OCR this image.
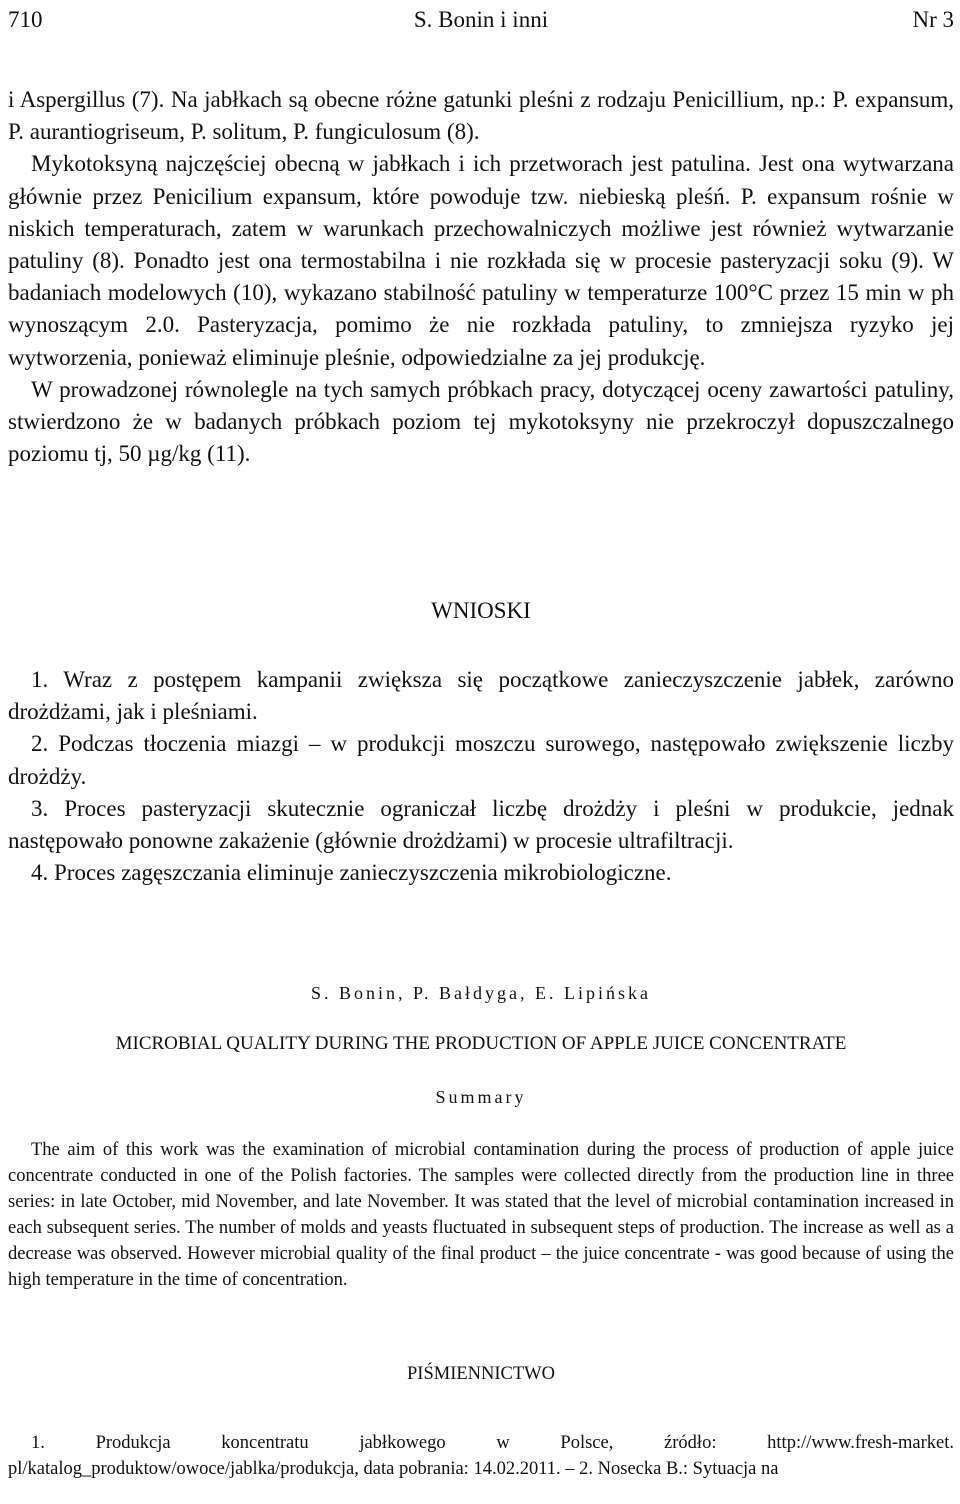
710	S. Bonin i inni	Nr 3

i Aspergillus (7). Na jabłkach są obecne różne gatunki pleśni z rodzaju Penicillium, np.: P. expansum, P. aurantiogriseum, P. solitum, P. fungiculosum (8).

Mykotoksyną najczęściej obecną w jabłkach i ich przetworach jest patulina. Jest ona wytwarzana głównie przez Penicilium expansum, które powoduje tzw. niebieską pleśń. P. expansum rośnie w niskich temperaturach, zatem w warunkach przechowalniczych możliwe jest również wytwarzanie patuliny (8). Ponadto jest ona termostabilna i nie rozkłada się w procesie pasteryzacji soku (9). W badaniach modelowych (10), wykazano stabilność patuliny w temperaturze 100°C przez 15 min w ph wynoszącym 2.0. Pasteryzacja, pomimo że nie rozkłada patuliny, to zmniejsza ryzyko jej wytworzenia, ponieważ eliminuje pleśnie, odpowiedzialne za jej produkcję.

W prowadzonej równolegle na tych samych próbkach pracy, dotyczącej oceny zawartości patuliny, stwierdzono że w badanych próbkach poziom tej mykotoksyny nie przekroczył dopuszczalnego poziomu tj, 50 µg/kg (11).

WNIOSKI

1. Wraz z postępem kampanii zwiększa się początkowe zanieczyszczenie jabłek, zarówno drożdżami, jak i pleśniami.

2. Podczas tłoczenia miazgi – w produkcji moszczu surowego, następowało zwiększenie liczby drożdży.

3. Proces pasteryzacji skutecznie ograniczał liczbę drożdży i pleśni w produkcie, jednak następowało ponowne zakażenie (głównie drożdżami) w procesie ultrafiltracji.

4. Proces zagęszczania eliminuje zanieczyszczenia mikrobiologiczne.

S. Bonin, P. Bałdyga, E. Lipińska
MICROBIAL QUALITY DURING THE PRODUCTION OF APPLE JUICE CONCENTRATE
Summary

The aim of this work was the examination of microbial contamination during the process of production of apple juice concentrate conducted in one of the Polish factories. The samples were collected directly from the production line in three series: in late October, mid November, and late November. It was stated that the level of microbial contamination increased in each subsequent series. The number of molds and yeasts fluctuated in subsequent steps of production. The increase as well as a decrease was observed. However microbial quality of the final product – the juice concentrate - was good because of using the high temperature in the time of concentration.

PIŚMIENNICTWO

1. Produkcja koncentratu jabłkowego w Polsce, źródło: http://www.fresh-market. pl/katalog_produktow/owoce/jablka/produkcja, data pobrania: 14.02.2011. – 2. Nosecka B.: Sytuacja na
